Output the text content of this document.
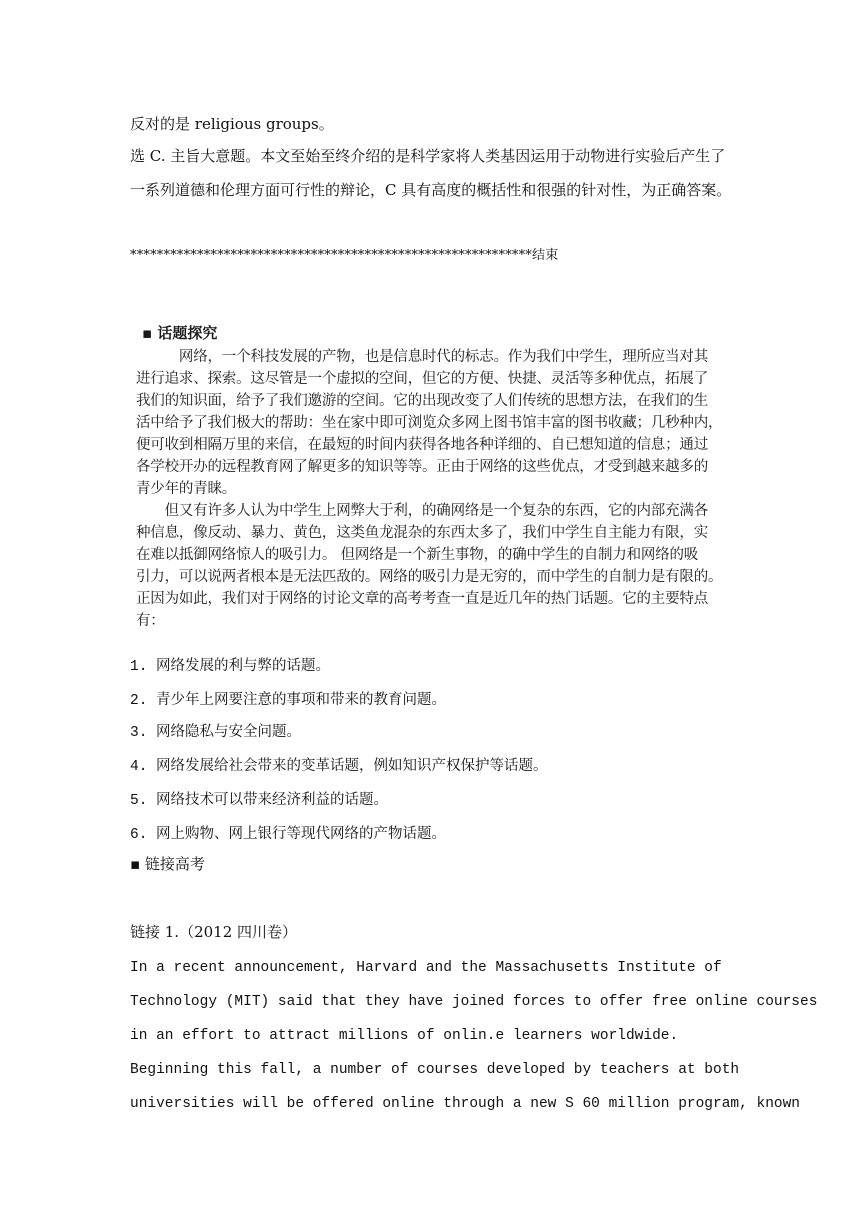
反对的是 religious groups。
选 C. 主旨大意题。本文至始至终介绍的是科学家将人类基因运用于动物进行实验后产生了
一系列道德和伦理方面可行性的辩论，C 具有高度的概括性和很强的针对性，为正确答案。
************************************************************结束
▪ 话题探究
　　　网络，一个科技发展的产物，也是信息时代的标志。作为我们中学生，理所应当对其
进行追求、探索。这尽管是一个虚拟的空间，但它的方便、快捷、灵活等多种优点，拓展了
我们的知识面，给予了我们邀游的空间。它的出现改变了人们传统的思想方法，在我们的生
活中给予了我们极大的帮助：坐在家中即可浏览众多网上图书馆丰富的图书收藏；几秒种内，
便可收到相隔万里的来信，在最短的时间内获得各地各种详细的、自已想知道的信息；通过
各学校开办的远程教育网了解更多的知识等等。正由于网络的这些优点，才受到越来越多的
青少年的青睐。
　　但又有许多人认为中学生上网弊大于利，的确网络是一个复杂的东西，它的内部充满各
种信息，像反动、暴力、黄色，这类鱼龙混杂的东西太多了，我们中学生自主能力有限，实
在难以抵御网络惊人的吸引力。 但网络是一个新生事物，的确中学生的自制力和网络的吸
引力，可以说两者根本是无法匹敌的。网络的吸引力是无穷的，而中学生的自制力是有限的。
正因为如此，我们对于网络的讨论文章的高考考查一直是近几年的热门话题。它的主要特点
有：
1. 网络发展的利与弊的话题。
2. 青少年上网要注意的事项和带来的教育问题。
3. 网络隐私与安全问题。
4. 网络发展给社会带来的变革话题，例如知识产权保护等话题。
5. 网络技术可以带来经济利益的话题。
6. 网上购物、网上银行等现代网络的产物话题。
▪ 链接高考
链接 1.（2012 四川卷）
In a recent announcement, Harvard and the Massachusetts Institute of
Technology (MIT) said that they have joined forces to offer free online courses
in an effort to attract millions of onlin.e learners worldwide.
Beginning this fall, a number of courses developed by teachers at both
universities will be offered online through a new S 60 million program, known
